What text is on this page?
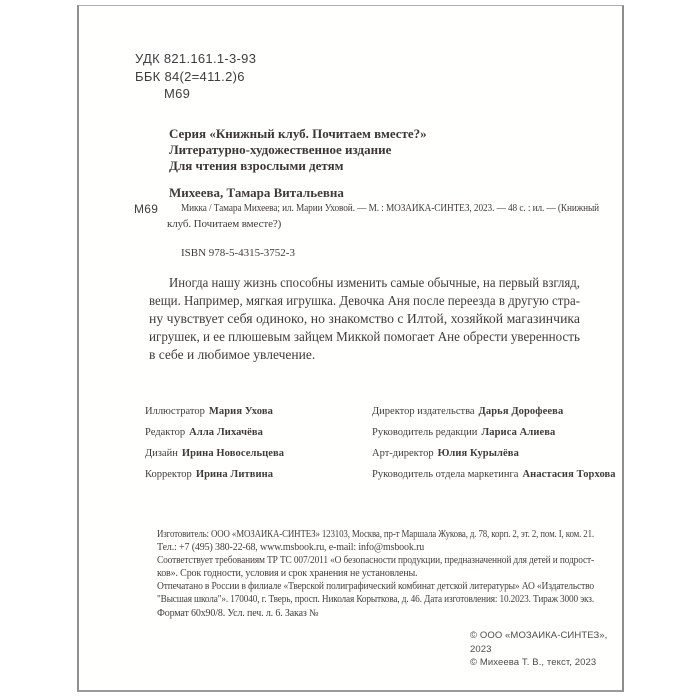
УДК 821.161.1-3-93
ББК 84(2=411.2)6
М69
Серия «Книжный клуб. Почитаем вместе?»
Литературно-художественное издание
Для чтения взрослыми детям
Михеева, Тамара Витальевна
М69	Микка / Тамара Михеева; ил. Марии Уховой. — М. : МОЗАИКА-СИНТЕЗ, 2023. — 48 с. : ил. — (Книжный
клуб. Почитаем вместе?)
ISBN 978-5-4315-3752-3
Иногда нашу жизнь способны изменить самые обычные, на первый взгляд,
вещи. Например, мягкая игрушка. Девочка Аня после переезда в другую стра-
ну чувствует себя одиноко, но знакомство с Илтой, хозяйкой магазинчика
игрушек, и ее плюшевым зайцем Миккой помогает Ане обрести уверенность
в себе и любимое увлечение.
Иллюстратор Мария Ухова
Редактор Алла Лихачёва
Дизайн Ирина Новосельцева
Корректор Ирина Литвина
Директор издательства Дарья Дорофеева
Руководитель редакции Лариса Алиева
Арт-директор Юлия Курылёва
Руководитель отдела маркетинга Анастасия Торхова
Изготовитель: ООО «МОЗАИКА-СИНТЕЗ» 123103, Москва, пр-т Маршала Жукова, д. 78, корп. 2, эт. 2, пом. I, ком. 21.
Тел.: +7 (495) 380-22-68, www.msbook.ru, e-mail: info@msbook.ru
Соответствует требованиям ТР ТС 007/2011 «О безопасности продукции, предназначенной для детей и подрост-
ков». Срок годности, условия и срок хранения не установлены.
Отпечатано в России в филиале «Тверской полиграфический комбинат детской литературы» АО «Издательство
"Высшая школа"». 170040, г. Тверь, просп. Николая Корыткова, д. 46. Дата изготовления: 10.2023. Тираж 3000 экз.
Формат 60х90/8. Усл. печ. л. 6. Заказ №
© ООО «МОЗАИКА-СИНТЕЗ», 2023
© Михеева Т. В., текст, 2023
